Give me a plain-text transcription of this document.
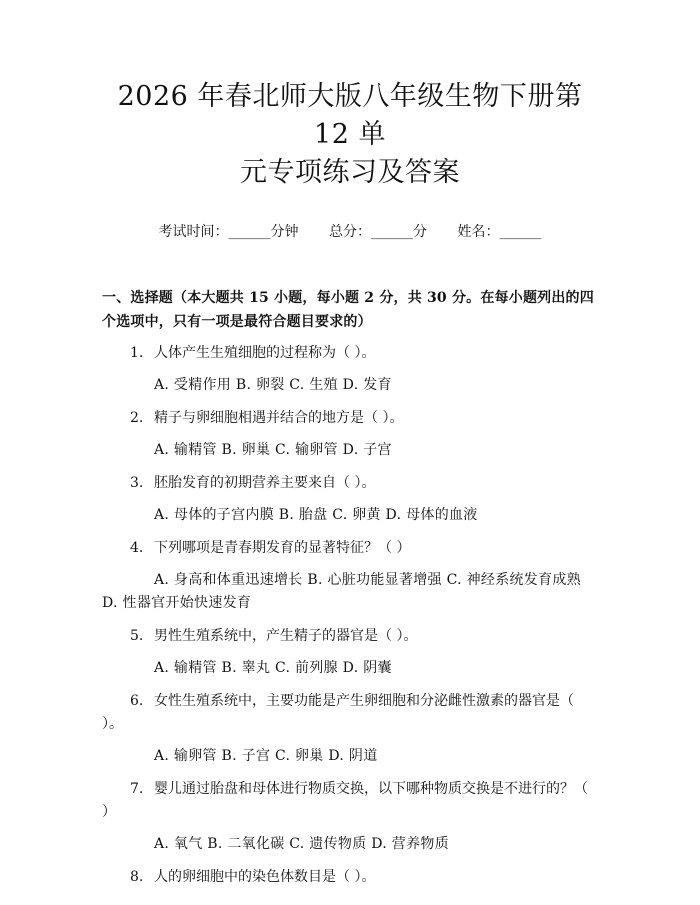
2026 年春北师大版八年级生物下册第 12 单
元专项练习及答案
考试时间：______分钟 总分：______分 姓名：______
一、选择题（本大题共 15 小题，每小题 2 分，共 30 分。在每小题列出的四个选项中，只有一项是最符合题目要求的）

1. 人体产生生殖细胞的过程称为（ ）。

A. 受精作用 B. 卵裂 C. 生殖 D. 发育

2. 精子与卵细胞相遇并结合的地方是（ ）。

A. 输精管 B. 卵巢 C. 输卵管 D. 子宫

3. 胚胎发育的初期营养主要来自（ ）。

A. 母体的子宫内膜 B. 胎盘 C. 卵黄 D. 母体的血液

4. 下列哪项是青春期发育的显著特征？（ ）

A. 身高和体重迅速增长 B. 心脏功能显著增强 C. 神经系统发育成熟 D. 性器官开始快速发育

5. 男性生殖系统中，产生精子的器官是（ ）。

A. 输精管 B. 睾丸 C. 前列腺 D. 阴囊

6. 女性生殖系统中，主要功能是产生卵细胞和分泌雌性激素的器官是（ ）。

A. 输卵管 B. 子宫 C. 卵巢 D. 阴道

7. 婴儿通过胎盘和母体进行物质交换，以下哪种物质交换是不进行的？（ ）

A. 氧气 B. 二氧化碳 C. 遗传物质 D. 营养物质

8. 人的卵细胞中的染色体数目是（ ）。
